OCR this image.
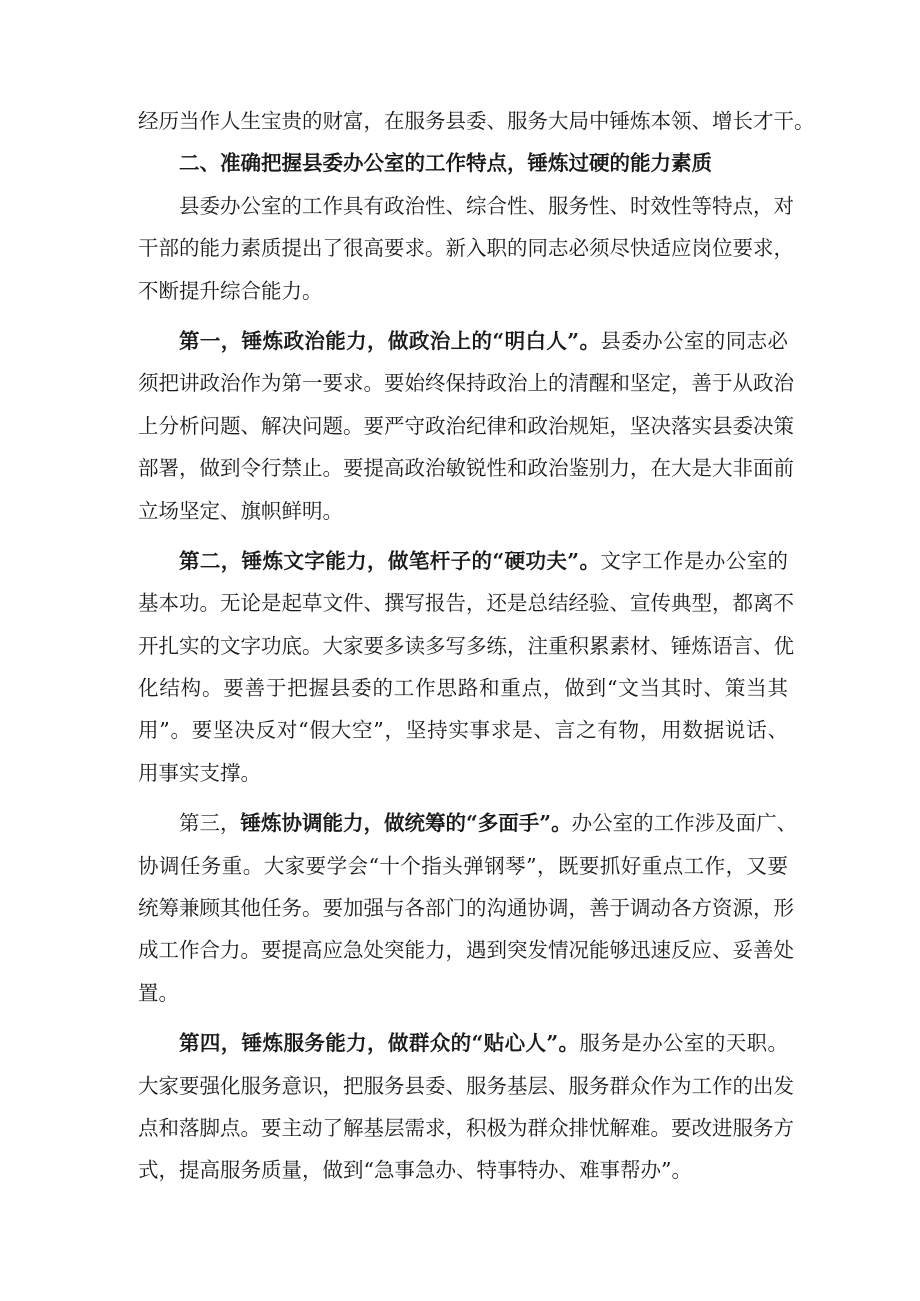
经历当作人生宝贵的财富，在服务县委、服务大局中锤炼本领、增长才干。
二、准确把握县委办公室的工作特点，锤炼过硬的能力素质
县委办公室的工作具有政治性、综合性、服务性、时效性等特点，对
干部的能力素质提出了很高要求。新入职的同志必须尽快适应岗位要求，
不断提升综合能力。
第一，锤炼政治能力，做政治上的“明白人”。县委办公室的同志必
须把讲政治作为第一要求。要始终保持政治上的清醒和坚定，善于从政治
上分析问题、解决问题。要严守政治纪律和政治规矩，坚决落实县委决策
部署，做到令行禁止。要提高政治敏锐性和政治鉴别力，在大是大非面前
立场坚定、旗帜鲜明。
第二，锤炼文字能力，做笔杆子的“硬功夫”。文字工作是办公室的
基本功。无论是起草文件、撰写报告，还是总结经验、宣传典型，都离不
开扎实的文字功底。大家要多读多写多练，注重积累素材、锤炼语言、优
化结构。要善于把握县委的工作思路和重点，做到“文当其时、策当其
用”。要坚决反对“假大空”，坚持实事求是、言之有物，用数据说话、
用事实支撑。
第三，锤炼协调能力，做统筹的“多面手”。办公室的工作涉及面广、
协调任务重。大家要学会“十个指头弹钢琴”，既要抓好重点工作，又要
统筹兼顾其他任务。要加强与各部门的沟通协调，善于调动各方资源，形
成工作合力。要提高应急处突能力，遇到突发情况能够迅速反应、妥善处
置。
第四，锤炼服务能力，做群众的“贴心人”。服务是办公室的天职。
大家要强化服务意识，把服务县委、服务基层、服务群众作为工作的出发
点和落脚点。要主动了解基层需求，积极为群众排忧解难。要改进服务方
式，提高服务质量，做到“急事急办、特事特办、难事帮办”。
